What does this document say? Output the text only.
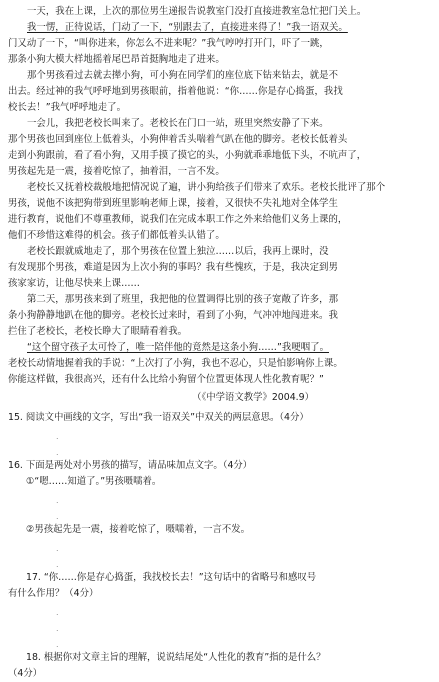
一天，我在上课，上次的那位男生递报告说教室门没打直接进教室急忙把门关上。

我一愣，正待说话，门动了一下，“别跟去了，直接进来得了！”我一语双关。

门又动了一下，“叫你进来，你怎么不进来呢？”我气哼哼打开门，吓了一跳，

那条小狗大模大样地摇着尾巴昂首挺胸地走了进来。

那个男孩看过去就去撵小狗，可小狗在同学们的座位底下钻来钻去，就是不

出去。经过神的我气呼呼地到男孩眼前，指着他说：“你……你是存心捣蛋，我找

校长去！”我气呼呼地走了。

一会儿，我把老校长叫来了。老校长在门口一站，班里突然安静了下来。

那个男孩也回到座位上低着头，小狗伸着舌头喘着气趴在他的脚旁。老校长低着头

走到小狗跟前，看了看小狗，又用手摸了摸它的头，小狗就乖乖地低下头，不吭声了，

男孩起先是一震，接着吃惊了，抽着泪，一言不发。

老校长又抚着校裁般地把情况说了遍，讲小狗给孩子们带来了欢乐。老校长批评了那个

男孩，说他不该把狗带到班里影响老师上课，接着，又很快不失礼地对全体学生

进行教育，说他们不尊重教师，说我们在完成本职工作之外来给他们义务上课的，

他们不珍惜这难得的机会。孩子们都低着头认错了。

老校长跟就威地走了，那个男孩在位置上独泣……以后，我再上课时，没

有发现那个男孩，难道是因为上次小狗的事吗？我有些愧疚，于是，我决定到男

孩家家访，让他尽快来上课……

第二天，那男孩来到了班里，我把他的位置调得比别的孩子宽敞了许多，那

条小狗静静地趴在他的脚旁。老校长过来时，看到了小狗，气冲冲地闯进来。我

拦住了老校长，老校长睁大了眼睛看着我。

“这个留守孩子太可怜了，唯一陪伴他的竟然是这条小狗……”我哽咽了。

老校长动情地握着我的手说：“上次打了小狗，我也不忍心，只是怕影响你上课。

你能这样做，我很高兴，还有什么比给小狗留个位置更体现人性化教育呢？”

（《中学语文教学》2004.9）

15. 阅读文中画线的文字，写出“我一语双关”中双关的两层意思。（4分）

.
.

16. 下面是两处对小男孩的描写，请品味加点文字。（4分）

①“嗯……知道了。”男孩嗫嚅着。

.
.

②男孩起先是一震，接着吃惊了，嗫嚅着，一言不发。

.
.

17. “你……你是存心捣蛋，我找校长去！”这句话中的省略号和感叹号

有什么作用？（4分）

.
.
.

18. 根据你对文章主旨的理解，说说结尾处“人性化的教育”指的是什么？

（4分）
